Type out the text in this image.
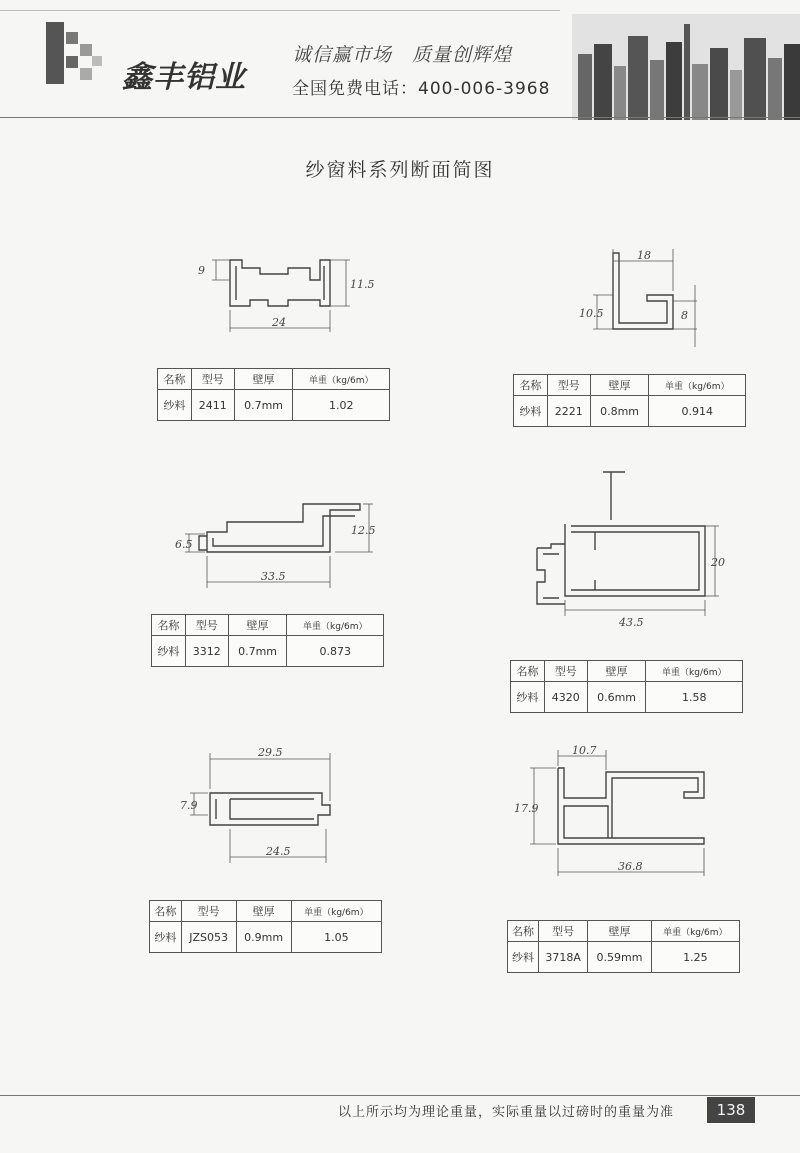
鑫丰铝业
诚信赢市场　质量创辉煌
全国免费电话：400-006-3968
纱窗料系列断面简图
9
11.5
24
名称	型号	壁厚	单重（kg/6m）
纱料	2411	0.7mm	1.02
18
10.5	8
名称	型号	壁厚	单重（kg/6m）
纱料	2221	0.8mm	0.914
6.5
12.5
33.5
名称	型号	壁厚	单重（kg/6m）
纱料	3312	0.7mm	0.873
20
43.5
名称	型号	壁厚	单重（kg/6m）
纱料	4320	0.6mm	1.58
29.5
7.9
24.5
名称	型号	壁厚	单重（kg/6m）
纱料	JZS053	0.9mm	1.05
10.7
17.9
36.8
名称	型号	壁厚	单重（kg/6m）
纱料	3718A	0.59mm	1.25
以上所示均为理论重量，实际重量以过磅时的重量为准	138
